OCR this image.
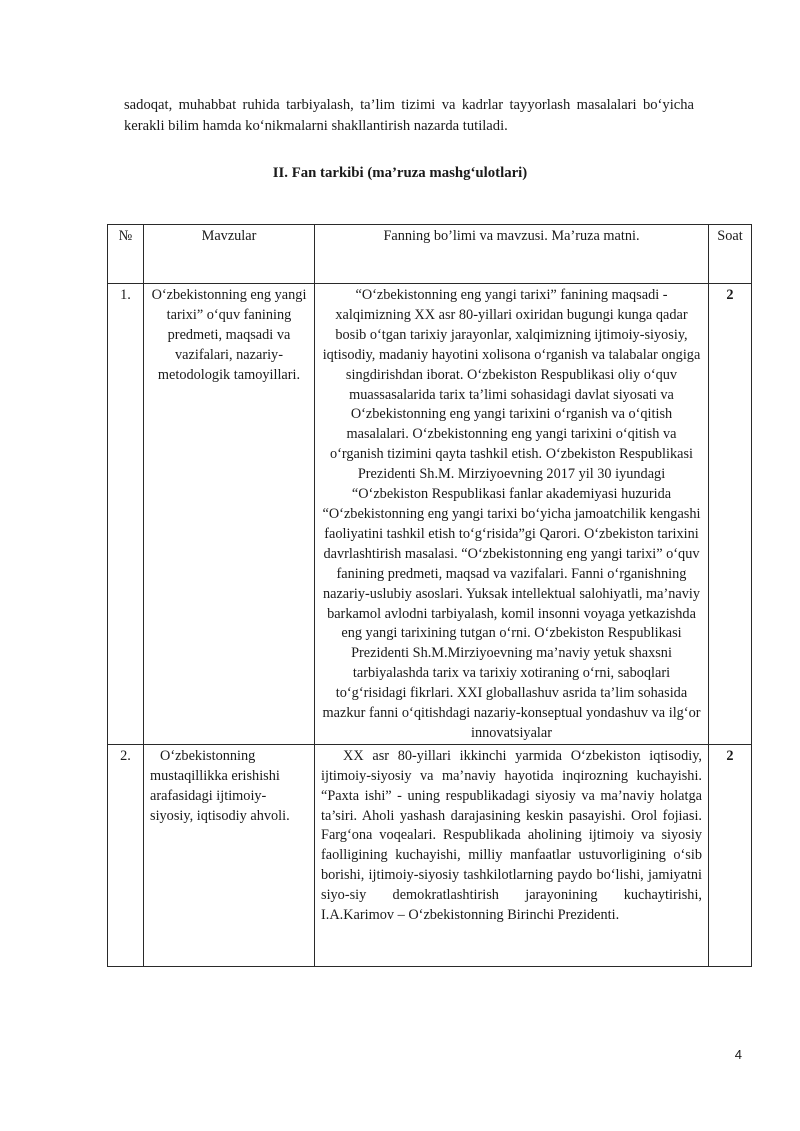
sadoqat, muhabbat ruhida tarbiyalash, ta’lim tizimi va kadrlar tayyorlash masalalari bo‘yicha kerakli bilim hamda ko‘nikmalarni shakllantirish nazarda tutiladi.

II. Fan tarkibi (ma’ruza mashg‘ulotlari)
№	Mavzular	Fanning bo’limi va mavzusi. Ma’ruza matni.	Soat
1.	O‘zbekistonning eng yangi tarixi” o‘quv fanining predmeti, maqsadi va vazifalari, nazariy-metodologik tamoyillari.	“O‘zbekistonning eng yangi tarixi” fanining maqsadi - xalqimizning XX asr 80-yillari oxiridan bugungi kunga qadar bosib o‘tgan tarixiy jarayonlar, xalqimizning ijtimoiy-siyosiy, iqtisodiy, madaniy hayotini xolisona o‘rganish va talabalar ongiga singdirishdan iborat. O‘zbekiston Respublikasi oliy o‘quv muassasalarida tarix ta’limi sohasidagi davlat siyosati va O‘zbekistonning eng yangi tarixini o‘rganish va o‘qitish masalalari. O‘zbekistonning eng yangi tarixini o‘qitish va o‘rganish tizimini qayta tashkil etish. O‘zbekiston Respublikasi Prezidenti Sh.M. Mirziyoevning 2017 yil 30 iyundagi “O‘zbekiston Respublikasi fanlar akademiyasi huzurida “O‘zbekistonning eng yangi tarixi bo‘yicha jamoatchilik kengashi faoliyatini tashkil etish to‘g‘risida”gi Qarori. O‘zbekiston tarixini davrlashtirish masalasi. “O‘zbekistonning eng yangi tarixi” o‘quv fanining predmeti, maqsad va vazifalari. Fanni o‘rganishning nazariy-uslubiy asoslari. Yuksak intellektual salohiyatli, ma’naviy barkamol avlodni tarbiyalash, komil insonni voyaga yetkazishda eng yangi tarixining tutgan o‘rni. O‘zbekiston Respublikasi Prezidenti Sh.M.Mirziyoevning ma’naviy yetuk shaxsni tarbiyalashda tarix va tarixiy xotiraning o‘rni, saboqlari to‘g‘risidagi fikrlari. XXI globallashuv asrida ta’lim sohasida mazkur fanni o‘qitishdagi nazariy-konseptual yondashuv va ilg‘or innovatsiyalar	2
2.	O‘zbekistonning mustaqillikka erishishi arafasidagi ijtimoiy-siyosiy, iqtisodiy ahvoli.	XX asr 80-yillari ikkinchi yarmida O‘zbekiston iqtisodiy, ijtimoiy-siyosiy va ma’naviy hayotida inqirozning kuchayishi. “Paxta ishi” - uning respublikadagi siyosiy va ma’naviy holatga ta’siri. Aholi yashash darajasining keskin pasayishi. Orol fojiasi. Farg‘ona voqealari. Respublikada aholining ijtimoiy va siyosiy faolligining kuchayishi, milliy manfaatlar ustuvorligining o‘sib borishi, ijtimoiy-siyosiy tashkilotlarning paydo bo‘lishi, jamiyatni siyo-siy demokratlashtirish jarayonining kuchaytirishi, I.A.Karimov – O‘zbekistonning Birinchi Prezidenti.	2
4
